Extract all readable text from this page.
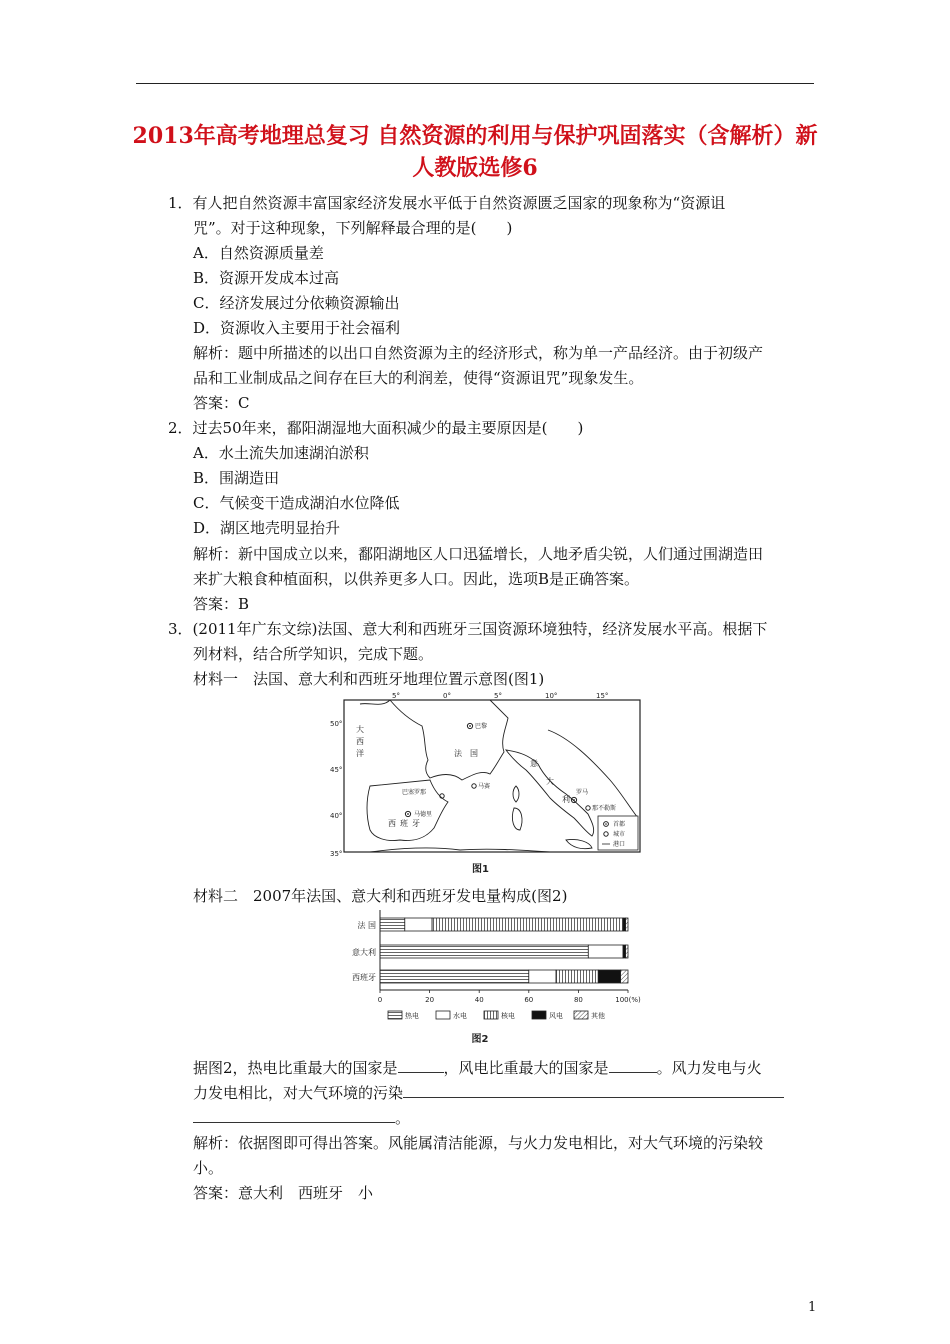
2013年高考地理总复习 自然资源的利用与保护巩固落实（含解析）新
人教版选修6
1．有人把自然资源丰富国家经济发展水平低于自然资源匮乏国家的现象称为“资源诅
咒”。对于这种现象，下列解释最合理的是(　　)
A．自然资源质量差
B．资源开发成本过高
C．经济发展过分依赖资源输出
D．资源收入主要用于社会福利
解析：题中所描述的以出口自然资源为主的经济形式，称为单一产品经济。由于初级产
品和工业制成品之间存在巨大的利润差，使得“资源诅咒”现象发生。
答案：C
2．过去50年来，鄱阳湖湿地大面积减少的最主要原因是(　　)
A．水土流失加速湖泊淤积
B．围湖造田
C．气候变干造成湖泊水位降低
D．湖区地壳明显抬升
解析：新中国成立以来，鄱阳湖地区人口迅猛增长，人地矛盾尖锐，人们通过围湖造田
来扩大粮食种植面积，以供养更多人口。因此，选项B是正确答案。
答案：B
3．(2011年广东文综)法国、意大利和西班牙三国资源环境独特，经济发展水平高。根据下
列材料，结合所学知识，完成下题。
材料一　法国、意大利和西班牙地理位置示意图(图1)
5°	0°	5°	10°	15°
50°
45°
40°
35°
大
西
洋	法 国
意
大
利
西 班 牙
巴黎
马赛
巴塞罗那
马德里
罗马
那不勒斯
首都
城市
港口
图1
材料二　2007年法国、意大利和西班牙发电量构成(图2)
法 国
意大利
西班牙
0	20	40	60	80	100(%)
热电	水电	核电	风电	其他
图2
据图2，热电比重最大的国家是	，风电比重最大的国家是	。风力发电与火
力发电相比，对大气环境的污染
。
解析：依据图即可得出答案。风能属清洁能源，与火力发电相比，对大气环境的污染较
小。
答案：意大利　西班牙　小
1
